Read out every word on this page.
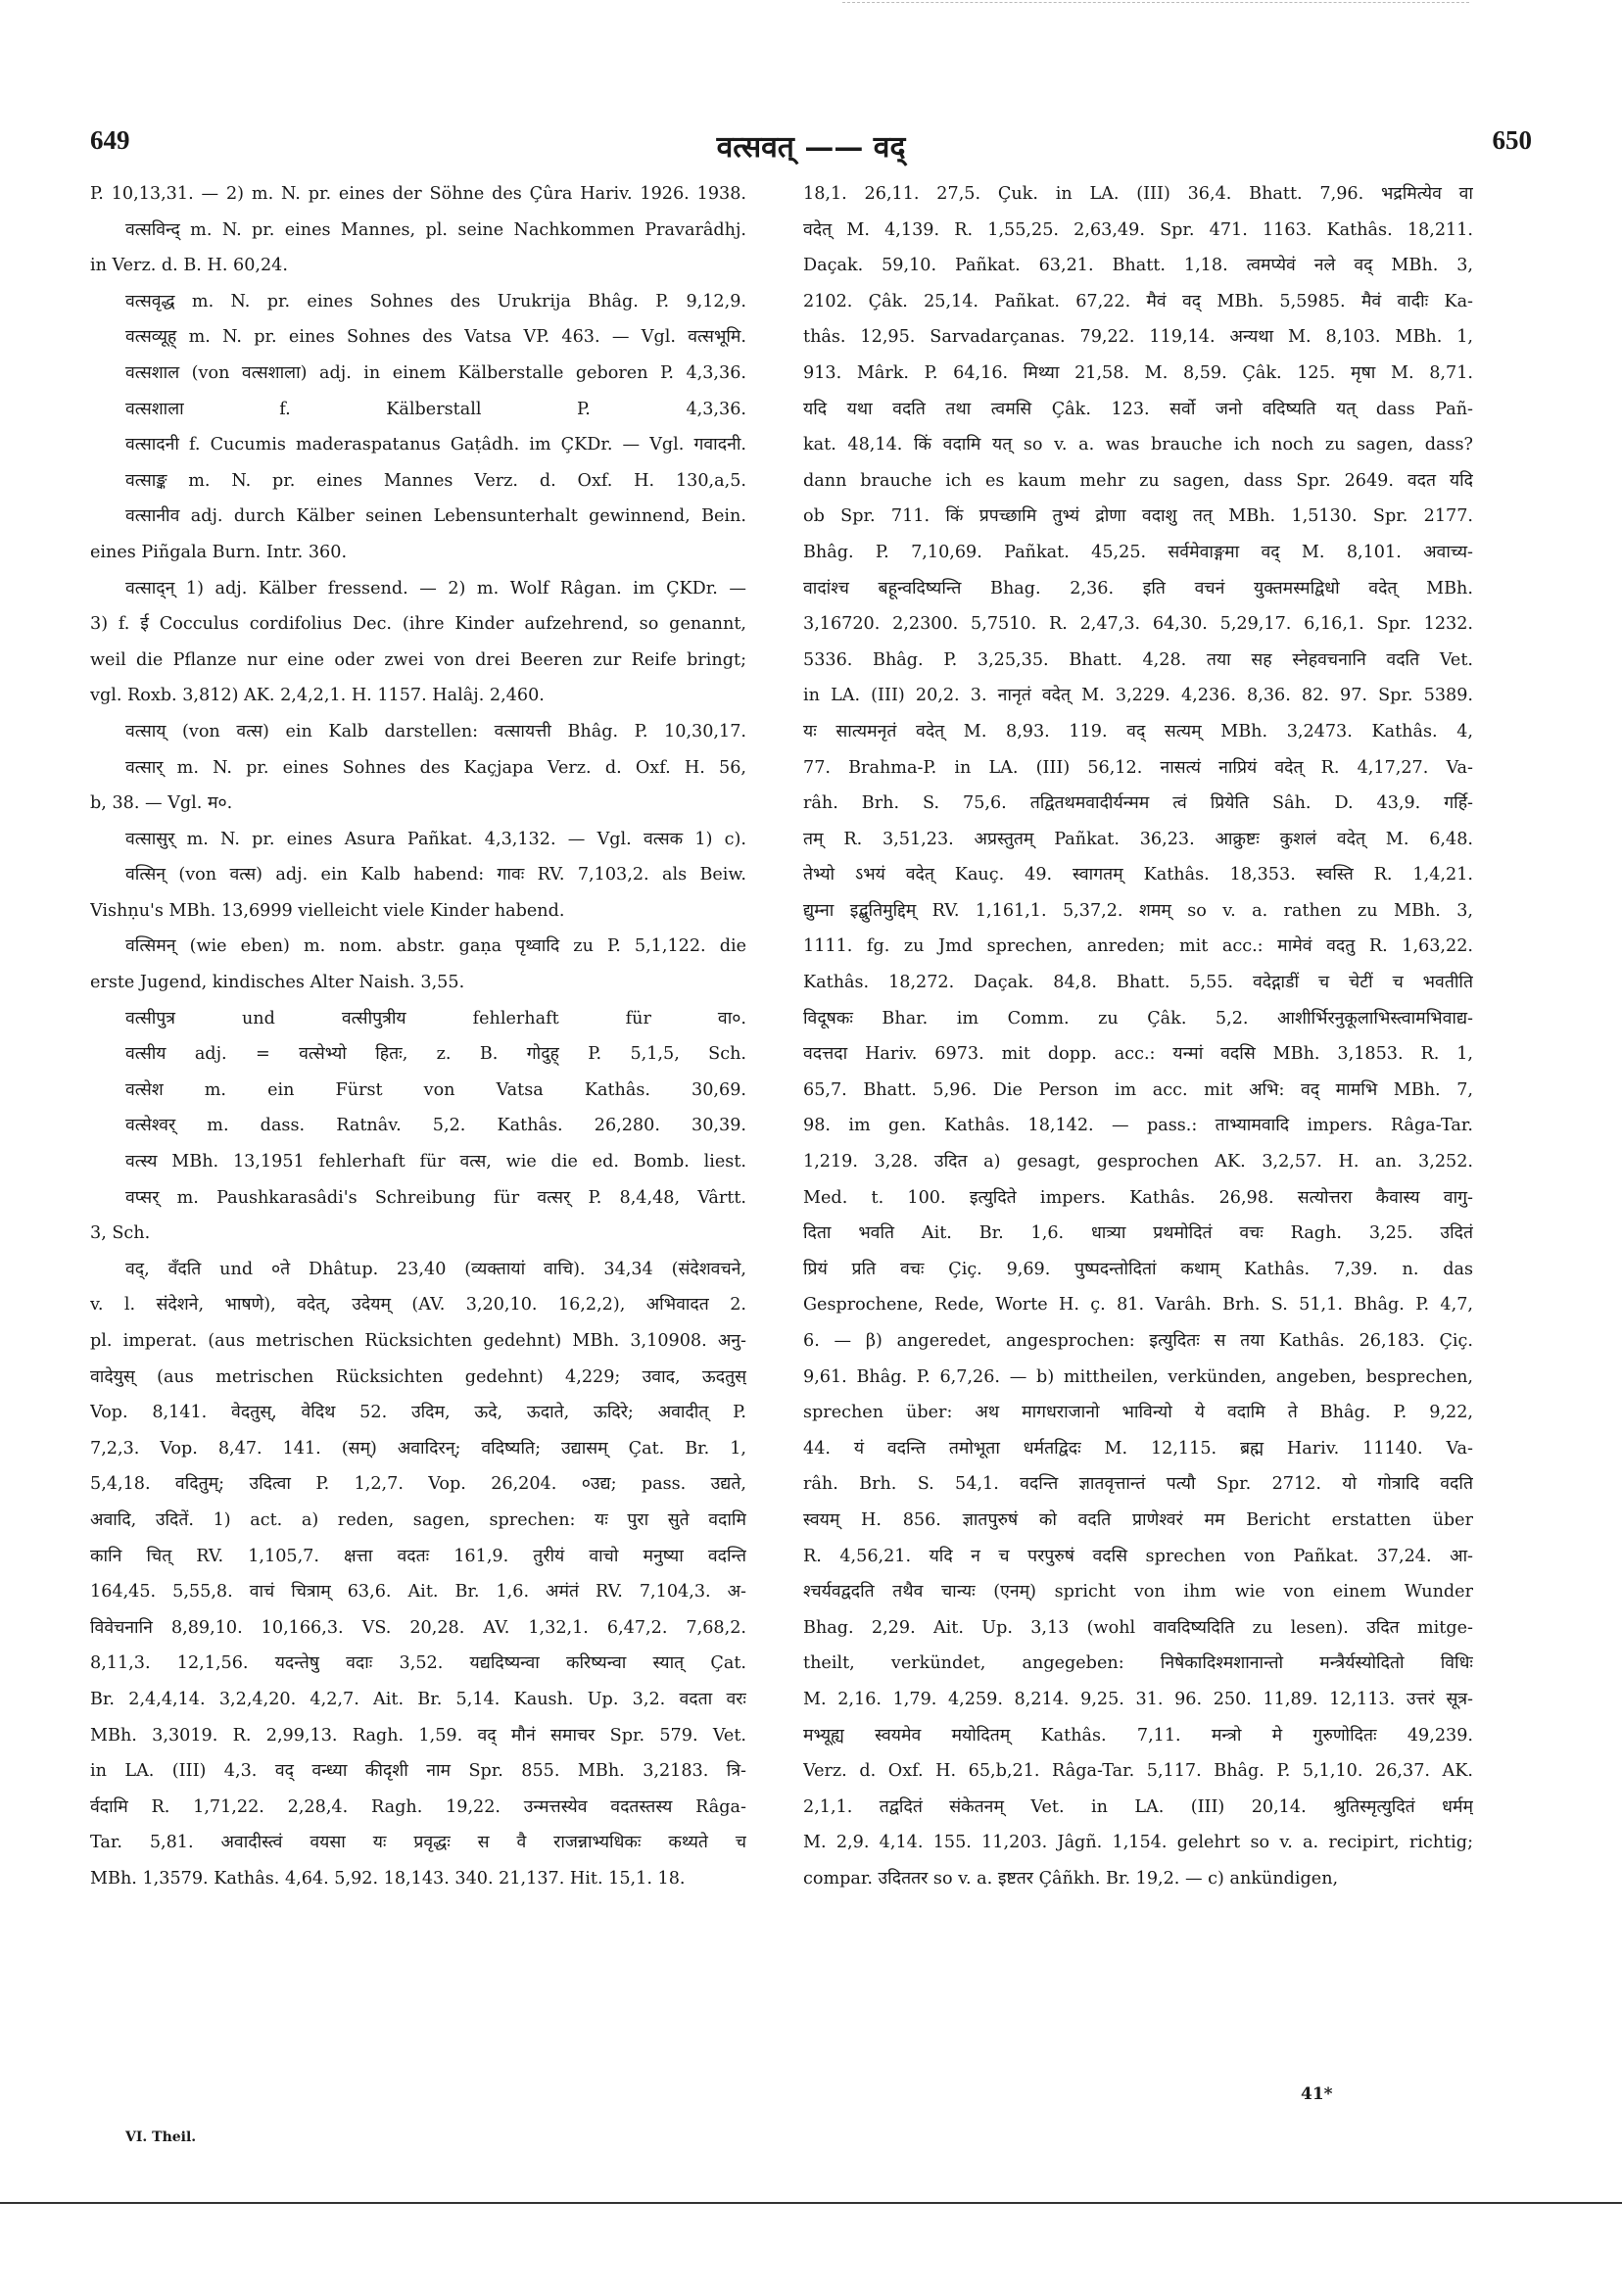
649	वत्सवत् —— वद्	650
P. 10,13,31. — 2) m. N. pr. eines der Söhne des Çûra Hariv. 1926. 1938.
वत्सविन्द् m. N. pr. eines Mannes, pl. seine Nachkommen Pravarâdhj.
in Verz. d. B. H. 60,24.
वत्सवृद्ध m. N. pr. eines Sohnes des Urukrija Bhâg. P. 9,12,9.
वत्सव्यूह् m. N. pr. eines Sohnes des Vatsa VP. 463. — Vgl. वत्सभूमि.
वत्सशाल (von वत्सशाला) adj. in einem Kälberstalle geboren P. 4,3,36.
वत्सशाला f. Kälberstall P. 4,3,36.
वत्सादनी f. Cucumis maderaspatanus Gaṭâdh. im ÇKDr. — Vgl. गवादनी.
वत्साङ्क m. N. pr. eines Mannes Verz. d. Oxf. H. 130,a,5.
वत्सानीव adj. durch Kälber seinen Lebensunterhalt gewinnend, Bein.
eines Piñgala Burn. Intr. 360.
वत्साद्न् 1) adj. Kälber fressend. — 2) m. Wolf Râgan. im ÇKDr. —
3) f. ई Cocculus cordifolius Dec. (ihre Kinder aufzehrend, so genannt,
weil die Pflanze nur eine oder zwei von drei Beeren zur Reife bringt;
vgl. Roxb. 3,812) AK. 2,4,2,1. H. 1157. Halâj. 2,460.
वत्साय् (von वत्स) ein Kalb darstellen: वत्सायत्ती Bhâg. P. 10,30,17.
वत्सार् m. N. pr. eines Sohnes des Kaçjapa Verz. d. Oxf. H. 56,
b, 38. — Vgl. म०.
वत्सासुर् m. N. pr. eines Asura Pañkat. 4,3,132. — Vgl. वत्सक 1) c).
वत्सिन् (von वत्स) adj. ein Kalb habend: गावः RV. 7,103,2. als Beiw.
Vishṇu's MBh. 13,6999 vielleicht viele Kinder habend.
वत्सिमन् (wie eben) m. nom. abstr. gaṇa पृथ्वादि zu P. 5,1,122. die
erste Jugend, kindisches Alter Naish. 3,55.
वत्सीपुत्र und वत्सीपुत्रीय fehlerhaft für वा०.
वत्सीय adj. = वत्सेभ्यो हितः, z. B. गोदुह् P. 5,1,5, Sch.
वत्सेश m. ein Fürst von Vatsa Kathâs. 30,69.
वत्सेश्वर् m. dass. Ratnâv. 5,2. Kathâs. 26,280. 30,39.
वत्स्य MBh. 13,1951 fehlerhaft für वत्स, wie die ed. Bomb. liest.
वप्सर् m. Paushkarasâdi's Schreibung für वत्सर् P. 8,4,48, Vârtt.
3, Sch.
वद्, वँदति und ०ते Dhâtup. 23,40 (व्यक्तायां वाचि). 34,34 (संदेशवचने,
v. l. संदेशने, भाषणे), वदेत्, उदेयम् (AV. 3,20,10. 16,2,2), अभिवादत 2.
pl. imperat. (aus metrischen Rücksichten gedehnt) MBh. 3,10908. अनु-
वादेयुस् (aus metrischen Rücksichten gedehnt) 4,229; उवाद, ऊदतुस्
Vop. 8,141. वेदतुस्, वेदिथ 52. उदिम, ऊदे, ऊदाते, ऊदिरे; अवादीत् P.
7,2,3. Vop. 8,47. 141. (सम्) अवादिरन्; वदिष्यति; उद्यासम् Çat. Br. 1,
5,4,18. वदितुम्; उदित्वा P. 1,2,7. Vop. 26,204. ०उद्य; pass. उद्यते,
अवादि, उदितें. 1) act. a) reden, sagen, sprechen: यः पुरा सुते वदामि
कानि चित् RV. 1,105,7. क्षत्ता वदतः 161,9. तुरीयं वाचो मनुष्या वदन्ति
164,45. 5,55,8. वाचं चित्राम् 63,6. Ait. Br. 1,6. अमंतं RV. 7,104,3. अ-
विवेचनानि 8,89,10. 10,166,3. VS. 20,28. AV. 1,32,1. 6,47,2. 7,68,2.
8,11,3. 12,1,56. यदन्तेषु वदाः 3,52. यद्यदिष्यन्वा करिष्यन्वा स्यात् Çat.
Br. 2,4,4,14. 3,2,4,20. 4,2,7. Ait. Br. 5,14. Kaush. Up. 3,2. वदता वरः
MBh. 3,3019. R. 2,99,13. Ragh. 1,59. वद् मौनं समाचर Spr. 579. Vet.
in LA. (III) 4,3. वद् वन्ध्या कीदृशी नाम Spr. 855. MBh. 3,2183. त्रि-
र्वदामि R. 1,71,22. 2,28,4. Ragh. 19,22. उन्मत्तस्येव वदतस्तस्य Râga-
Tar. 5,81. अवादीस्त्वं वयसा यः प्रवृद्धः स वै राजन्नाभ्यधिकः कथ्यते च
MBh. 1,3579. Kathâs. 4,64. 5,92. 18,143. 340. 21,137. Hit. 15,1. 18.
18,1. 26,11. 27,5. Çuk. in LA. (III) 36,4. Bhatt. 7,96. भद्रमित्येव वा
वदेत् M. 4,139. R. 1,55,25. 2,63,49. Spr. 471. 1163. Kathâs. 18,211.
Daçak. 59,10. Pañkat. 63,21. Bhatt. 1,18. त्वमप्येवं नले वद् MBh. 3,
2102. Çâk. 25,14. Pañkat. 67,22. मैवं वद् MBh. 5,5985. मैवं वादीः Ka-
thâs. 12,95. Sarvadarçanas. 79,22. 119,14. अन्यथा M. 8,103. MBh. 1,
913. Mârk. P. 64,16. मिथ्या 21,58. M. 8,59. Çâk. 125. मृषा M. 8,71.
यदि यथा वदति तथा त्वमसि Çâk. 123. सर्वो जनो वदिष्यति यत् dass Pañ-
kat. 48,14. किं वदामि यत् so v. a. was brauche ich noch zu sagen, dass?
dann brauche ich es kaum mehr zu sagen, dass Spr. 2649. वदत यदि
ob Spr. 711. किं प्रपच्छामि तुभ्यं द्रोणा वदाशु तत् MBh. 1,5130. Spr. 2177.
Bhâg. P. 7,10,69. Pañkat. 45,25. सर्वमेवाङ्गमा वद् M. 8,101. अवाच्य-
वादांश्च बहून्वदिष्यन्ति Bhag. 2,36. इति वचनं युक्तमस्मद्विधो वदेत् MBh.
3,16720. 2,2300. 5,7510. R. 2,47,3. 64,30. 5,29,17. 6,16,1. Spr. 1232.
5336. Bhâg. P. 3,25,35. Bhatt. 4,28. तया सह स्नेहवचनानि वदति Vet.
in LA. (III) 20,2. 3. नानृतं वदेत् M. 3,229. 4,236. 8,36. 82. 97. Spr. 5389.
यः सात्यमनृतं वदेत् M. 8,93. 119. वद् सत्यम् MBh. 3,2473. Kathâs. 4,
77. Brahma-P. in LA. (III) 56,12. नासत्यं नाप्रियं वदेत् R. 4,17,27. Va-
râh. Brh. S. 75,6. तद्वितथमवादीर्यन्मम त्वं प्रियेति Sâh. D. 43,9. गर्हि-
तम् R. 3,51,23. अप्रस्तुतम् Pañkat. 36,23. आक्रुष्टः कुशलं वदेत् M. 6,48.
तेभ्यो ऽभयं वदेत् Kauç. 49. स्वागतम् Kathâs. 18,353. स्वस्ति R. 1,4,21.
द्युम्ना इद्बुतिमुद्दिम् RV. 1,161,1. 5,37,2. शमम् so v. a. rathen zu MBh. 3,
1111. fg. zu Jmd sprechen, anreden; mit acc.: मामेवं वदतु R. 1,63,22.
Kathâs. 18,272. Daçak. 84,8. Bhatt. 5,55. वदेद्गाडीं च चेटीं च भवतीति
विदूषकः Bhar. im Comm. zu Çâk. 5,2. आशीर्भिरनुकूलाभिस्त्वामभिवाद्य-
वदत्तदा Hariv. 6973. mit dopp. acc.: यन्मां वदसि MBh. 3,1853. R. 1,
65,7. Bhatt. 5,96. Die Person im acc. mit अभि: वद् मामभि MBh. 7,
98. im gen. Kathâs. 18,142. — pass.: ताभ्यामवादि impers. Râga-Tar.
1,219. 3,28. उदित a) gesagt, gesprochen AK. 3,2,57. H. an. 3,252.
Med. t. 100. इत्युदिते impers. Kathâs. 26,98. सत्योत्तरा कैवास्य वागु-
दिता भवति Ait. Br. 1,6. धात्र्या प्रथमोदितं वचः Ragh. 3,25. उदितं
प्रियं प्रति वचः Çiç. 9,69. पुष्पदन्तोदितां कथाम् Kathâs. 7,39. n. das
Gesprochene, Rede, Worte H. ç. 81. Varâh. Brh. S. 51,1. Bhâg. P. 4,7,
6. — β) angeredet, angesprochen: इत्युदितः स तया Kathâs. 26,183. Çiç.
9,61. Bhâg. P. 6,7,26. — b) mittheilen, verkünden, angeben, besprechen,
sprechen über: अथ मागधराजानो भाविन्यो ये वदामि ते Bhâg. P. 9,22,
44. यं वदन्ति तमोभूता धर्मतद्विदः M. 12,115. ब्रह्म Hariv. 11140. Va-
râh. Brh. S. 54,1. वदन्ति ज्ञातवृत्तान्तं पत्यौ Spr. 2712. यो गोत्रादि वदति
स्वयम् H. 856. ज्ञातपुरुषं को वदति प्राणेश्वरं मम Bericht erstatten über
R. 4,56,21. यदि न च परपुरुषं वदसि sprechen von Pañkat. 37,24. आ-
श्चर्यवद्वदति तथैव चान्यः (एनम्) spricht von ihm wie von einem Wunder
Bhag. 2,29. Ait. Up. 3,13 (wohl वावदिष्यदिति zu lesen). उदित mitge-
theilt, verkündet, angegeben: निषेकादिश्मशानान्तो मन्त्रैर्यस्योदितो विधिः
M. 2,16. 1,79. 4,259. 8,214. 9,25. 31. 96. 250. 11,89. 12,113. उत्तरं सूत्र-
मभ्यूह्य स्वयमेव मयोदितम् Kathâs. 7,11. मन्त्रो मे गुरुणोदितः 49,239.
Verz. d. Oxf. H. 65,b,21. Râga-Tar. 5,117. Bhâg. P. 5,1,10. 26,37. AK.
2,1,1. तद्वदितं संकेतनम् Vet. in LA. (III) 20,14. श्रुतिस्मृत्युदितं धर्मम्
M. 2,9. 4,14. 155. 11,203. Jâgñ. 1,154. gelehrt so v. a. recipirt, richtig;
compar. उदिततर so v. a. इष्टतर Çâñkh. Br. 19,2. — c) ankündigen,
41*
VI. Theil.
